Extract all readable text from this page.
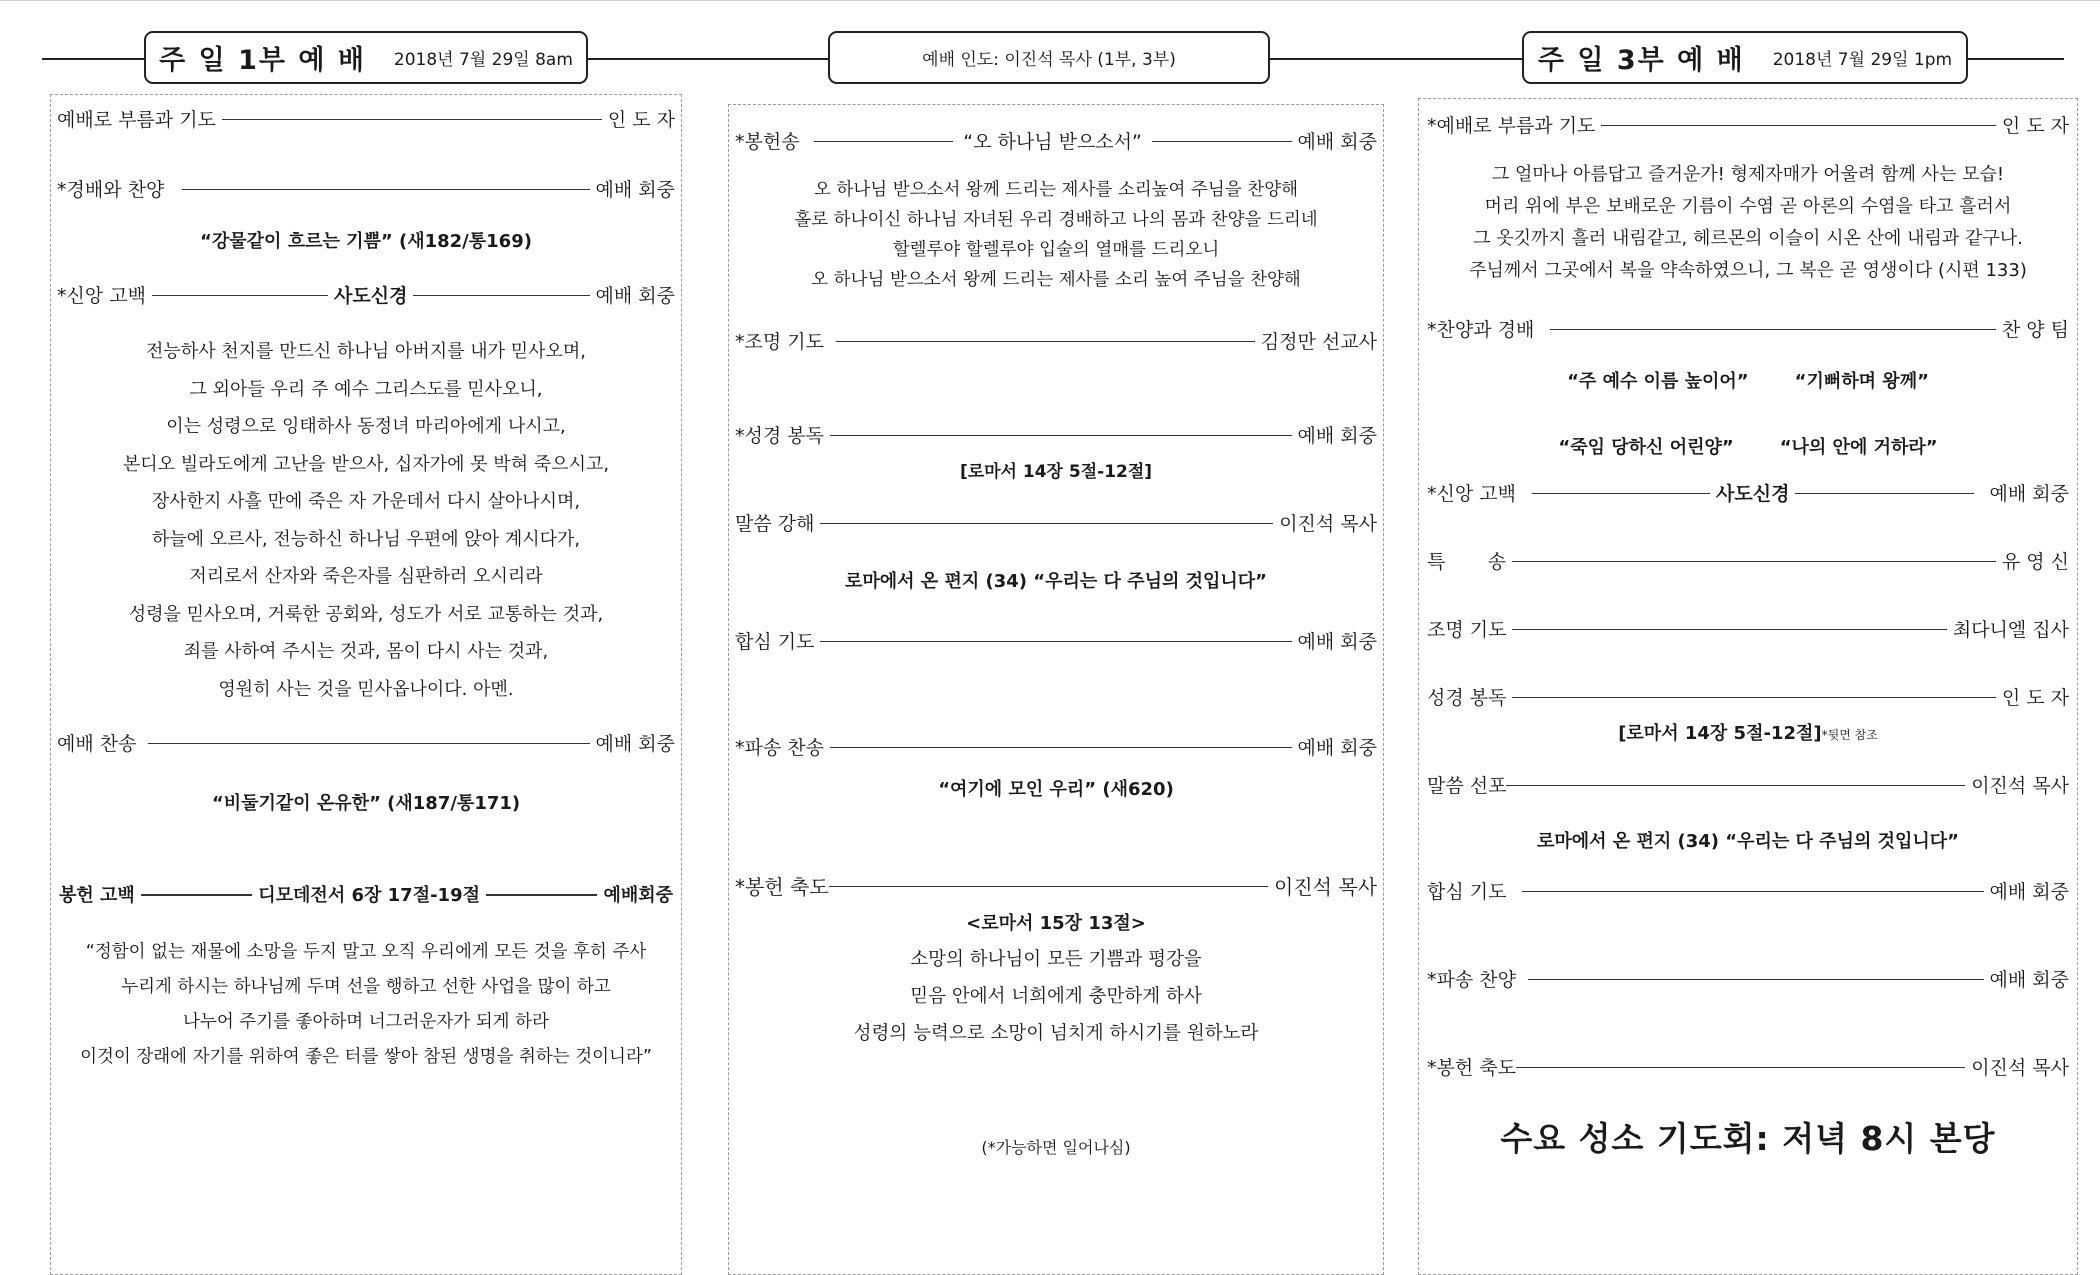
주 일 1부 예 배 2018년 7월 29일 8am	예배 인도: 이진석 목사 (1부, 3부)	주 일 3부 예 배 2018년 7월 29일 1pm
예배로 부름과 기도	인 도 자
*경배와 찬양	예배 회중
“강물같이 흐르는 기쁨” (새182/통169)
*신앙 고백	사도신경	예배 회중
전능하사 천지를 만드신 하나님 아버지를 내가 믿사오며,
그 외아들 우리 주 예수 그리스도를 믿사오니,
이는 성령으로 잉태하사 동정녀 마리아에게 나시고,
본디오 빌라도에게 고난을 받으사, 십자가에 못 박혀 죽으시고,
장사한지 사흘 만에 죽은 자 가운데서 다시 살아나시며,
하늘에 오르사, 전능하신 하나님 우편에 앉아 계시다가,
저리로서 산자와 죽은자를 심판하러 오시리라
성령을 믿사오며, 거룩한 공회와, 성도가 서로 교통하는 것과,
죄를 사하여 주시는 것과, 몸이 다시 사는 것과,
영원히 사는 것을 믿사옵나이다. 아멘.
예배 찬송	예배 회중
“비둘기같이 온유한” (새187/통171)
봉헌 고백	디모데전서 6장 17절-19절	예배회중
“정함이 없는 재물에 소망을 두지 말고 오직 우리에게 모든 것을 후히 주사
누리게 하시는 하나님께 두며 선을 행하고 선한 사업을 많이 하고
나누어 주기를 좋아하며 너그러운자가 되게 하라
이것이 장래에 자기를 위하여 좋은 터를 쌓아 참된 생명을 취하는 것이니라”
*봉헌송	“오 하나님 받으소서”	예배 회중
오 하나님 받으소서 왕께 드리는 제사를 소리높여 주님을 찬양해
홀로 하나이신 하나님 자녀된 우리 경배하고 나의 몸과 찬양을 드리네
할렐루야 할렐루야 입술의 열매를 드리오니
오 하나님 받으소서 왕께 드리는 제사를 소리 높여 주님을 찬양해
*조명 기도	김정만 선교사
*성경 봉독	예배 회중
[로마서 14장 5절-12절]
말씀 강해	이진석 목사
로마에서 온 편지 (34) “우리는 다 주님의 것입니다”
합심 기도	예배 회중
*파송 찬송	예배 회중
“여기에 모인 우리” (새620)
*봉헌 축도	이진석 목사
<로마서 15장 13절>
소망의 하나님이 모든 기쁨과 평강을
믿음 안에서 너희에게 충만하게 하사
성령의 능력으로 소망이 넘치게 하시기를 원하노라
(*가능하면 일어나심)
*예배로 부름과 기도	인 도 자
그 얼마나 아름답고 즐거운가! 형제자매가 어울려 함께 사는 모습!
머리 위에 부은 보배로운 기름이 수염 곧 아론의 수염을 타고 흘러서
그 옷깃까지 흘러 내림같고, 헤르몬의 이슬이 시온 산에 내림과 같구나.
주님께서 그곳에서 복을 약속하였으니, 그 복은 곧 영생이다 (시편 133)
*찬양과 경배	찬 양 팀
“주 예수 이름 높이어”	“기뻐하며 왕께”
“죽임 당하신 어린양”	“나의 안에 거하라”
*신앙 고백	사도신경	예배 회중
특       송	유 영 신
조명 기도	최다니엘 집사
성경 봉독	인 도 자
[로마서 14장 5절-12절]*뒷면 참조
말씀 선포	이진석 목사
로마에서 온 편지 (34) “우리는 다 주님의 것입니다”
합심 기도	예배 회중
*파송 찬양	예배 회중
*봉헌 축도	이진석 목사
수요 성소 기도회: 저녁 8시 본당
